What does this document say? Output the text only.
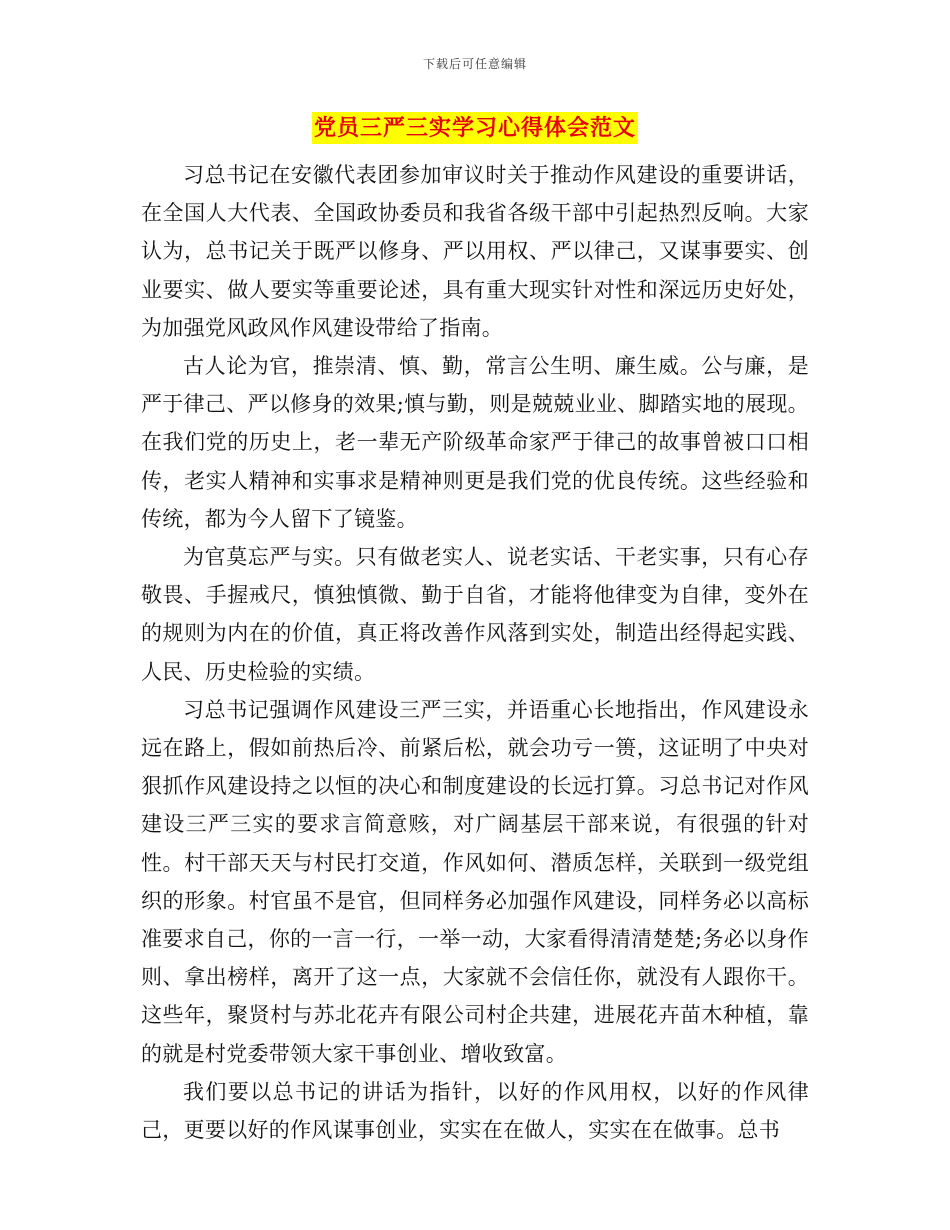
下载后可任意编辑
党员三严三实学习心得体会范文

习总书记在安徽代表团参加审议时关于推动作风建设的重要讲话，在全国人大代表、全国政协委员和我省各级干部中引起热烈反响。大家认为，总书记关于既严以修身、严以用权、严以律己，又谋事要实、创业要实、做人要实等重要论述，具有重大现实针对性和深远历史好处，为加强党风政风作风建设带给了指南。

古人论为官，推崇清、慎、勤，常言公生明、廉生威。公与廉，是严于律己、严以修身的效果;慎与勤，则是兢兢业业、脚踏实地的展现。在我们党的历史上，老一辈无产阶级革命家严于律己的故事曾被口口相传，老实人精神和实事求是精神则更是我们党的优良传统。这些经验和传统，都为今人留下了镜鉴。

为官莫忘严与实。只有做老实人、说老实话、干老实事，只有心存敬畏、手握戒尺，慎独慎微、勤于自省，才能将他律变为自律，变外在的规则为内在的价值，真正将改善作风落到实处，制造出经得起实践、人民、历史检验的实绩。

习总书记强调作风建设三严三实，并语重心长地指出，作风建设永远在路上，假如前热后冷、前紧后松，就会功亏一篑，这证明了中央对狠抓作风建设持之以恒的决心和制度建设的长远打算。习总书记对作风建设三严三实的要求言简意赅，对广阔基层干部来说，有很强的针对性。村干部天天与村民打交道，作风如何、潜质怎样，关联到一级党组织的形象。村官虽不是官，但同样务必加强作风建设，同样务必以高标准要求自己，你的一言一行，一举一动，大家看得清清楚楚;务必以身作则、拿出榜样，离开了这一点，大家就不会信任你，就没有人跟你干。这些年，聚贤村与苏北花卉有限公司村企共建，进展花卉苗木种植，靠的就是村党委带领大家干事创业、增收致富。

我们要以总书记的讲话为指针，以好的作风用权，以好的作风律己，更要以好的作风谋事创业，实实在在做人，实实在在做事。总书
